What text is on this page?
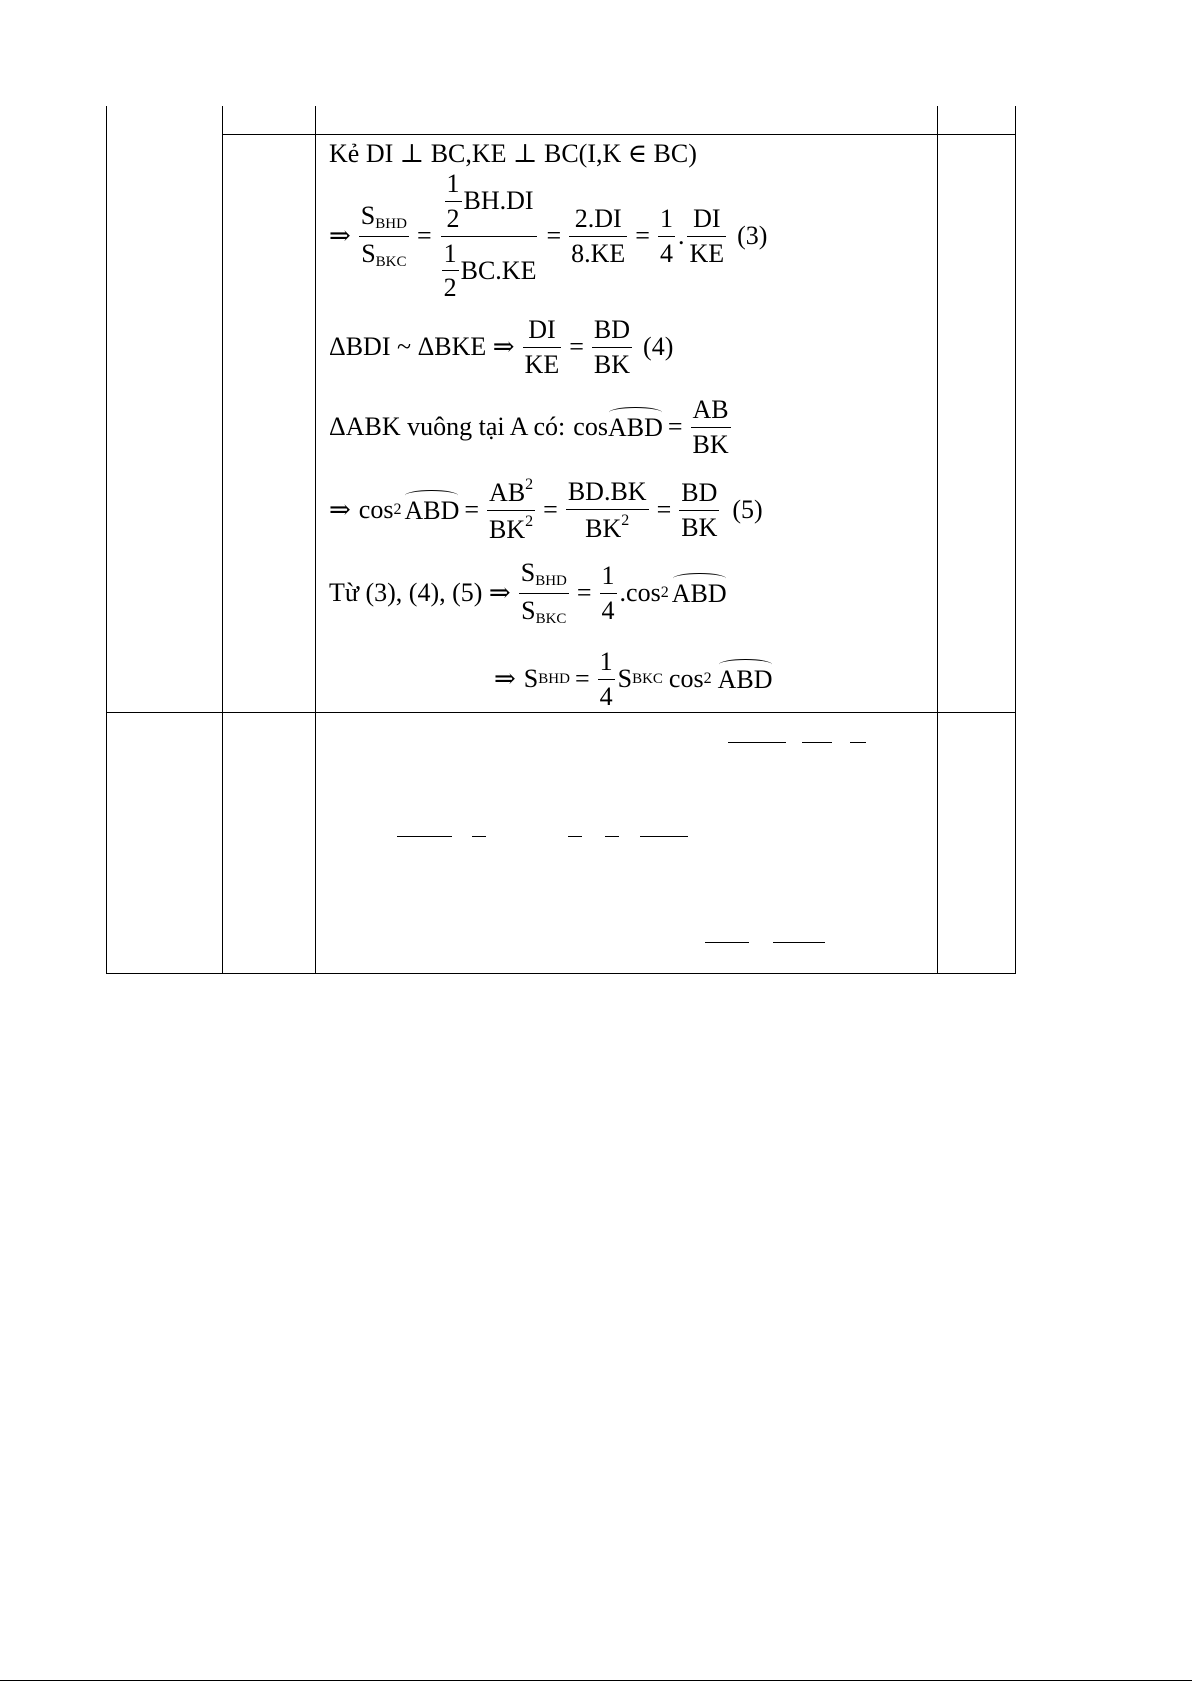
Kẻ DI ⊥ BC,KE ⊥ BC(I,K ∈ BC)
⇒ $\frac{S_{BHD}}{S_{BKC}} = \frac{\frac{1}{2} BH.DI}{\frac{1}{2} BC.KE} = \frac{2.DI}{8.KE} = \frac{1}{4}$ . $\frac{DI}{KE} (3)$
ΔBDI ~ ΔBKE ⇒ $\frac{DI}{KE} = \frac{BD}{BK} (4)$
ΔABK vuông tại A có: cos ABD = $\frac{AB}{BK}$
⇒ cos 2 ABD = $\frac{AB^2}{BK^2} = \frac{BD.BK}{BK^2} = \frac{BD}{BK} (5)$
Từ (3), (4), (5) ⇒ $\frac{S_{BHD}}{S_{BKC}} = \frac{1}{4} .\cos$ 2 ABD
⇒ S BHD = $\frac{1}{4}$ S BKC cos 2 ABD
